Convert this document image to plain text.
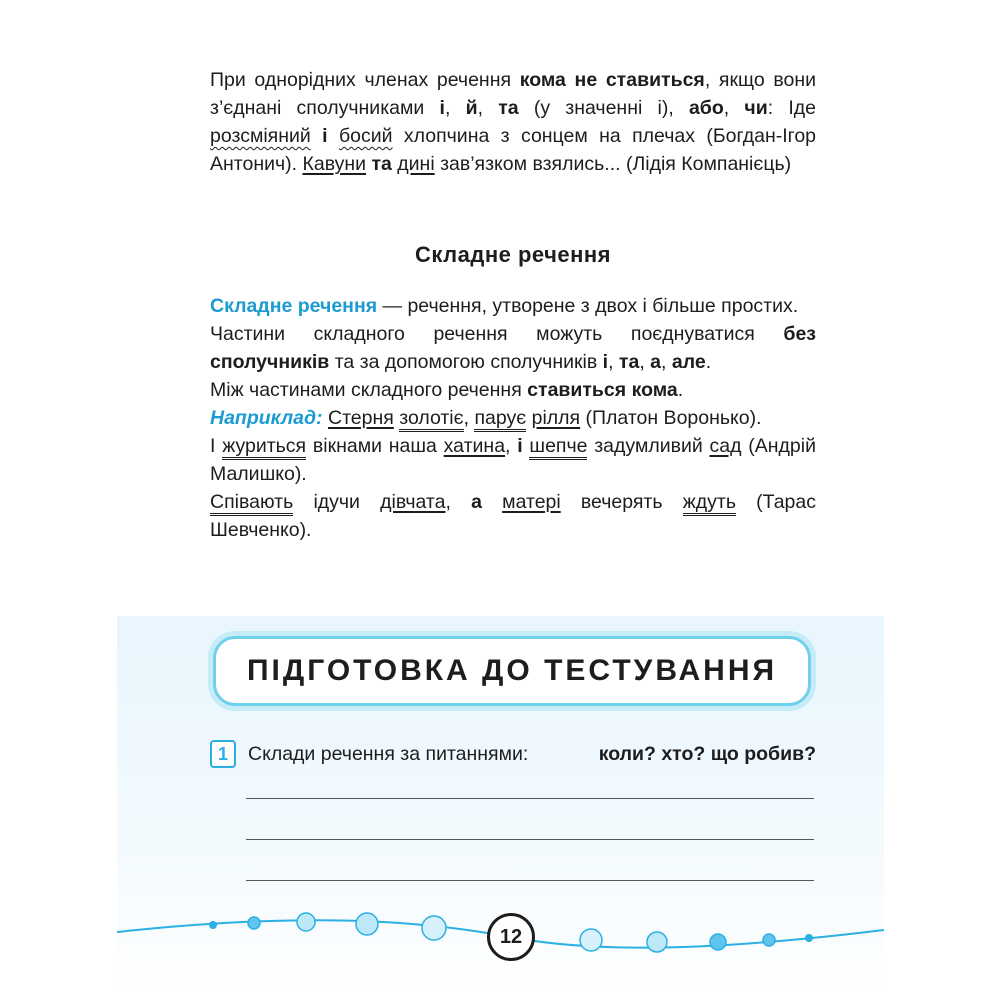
При однорідних членах речення кома не ставиться, якщо вони з’єднані сполучниками і, й, та (у значенні і), або, чи: Іде розсміяний і босий хлопчина з сонцем на плечах (Богдан-Ігор Антонич). Кавуни та дині зав’язком взялись... (Лідія Компанієць)

Складне речення

Складне речення — речення, утворене з двох і більше простих.

Частини складного речення можуть поєднуватися без сполучників та за допомогою сполучників і, та, а, але.

Між частинами складного речення ставиться кома.

Наприклад: Стерня золотіє, парує рілля (Платон Воронько).

І журиться вікнами наша хатина, і шепче задумливий сад (Андрій Малишко).

Співають ідучи дівчата, а матері вечерять ждуть (Тарас Шевченко).

ПІДГОТОВКА ДО ТЕСТУВАННЯ
1	Склади речення за питаннями:	коли? хто? що робив?
12
